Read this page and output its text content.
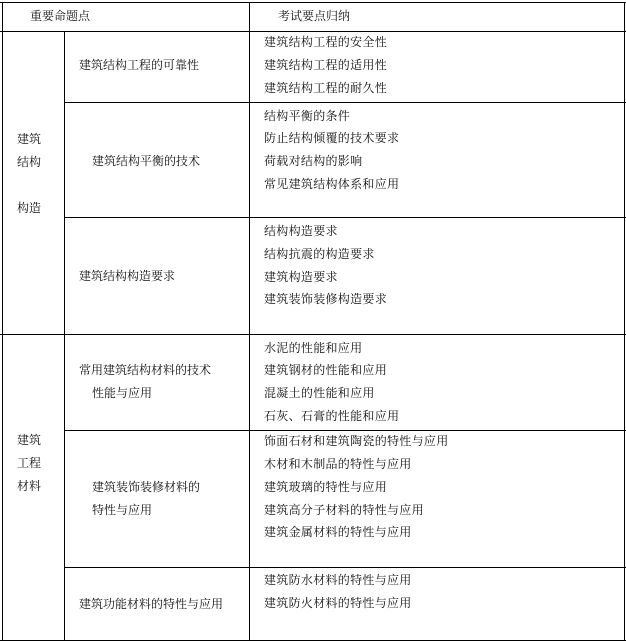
重要命题点	考试要点归纳
建筑
结构
构造
建筑结构工程的可靠性
建筑结构平衡的技术
建筑结构构造要求
建筑结构工程的安全性
建筑结构工程的适用性
建筑结构工程的耐久性
结构平衡的条件
防止结构倾覆的技术要求
荷载对结构的影响
常见建筑结构体系和应用
结构构造要求
结构抗震的构造要求
建筑构造要求
建筑装饰装修构造要求
建筑
工程
材料
常用建筑结构材料的技术
性能与应用
建筑装饰装修材料的
特性与应用
建筑功能材料的特性与应用
水泥的性能和应用
建筑钢材的性能和应用
混凝土的性能和应用
石灰、石膏的性能和应用
饰面石材和建筑陶瓷的特性与应用
木材和木制品的特性与应用
建筑玻璃的特性与应用
建筑高分子材料的特性与应用
建筑金属材料的特性与应用
建筑防水材料的特性与应用
建筑防火材料的特性与应用
